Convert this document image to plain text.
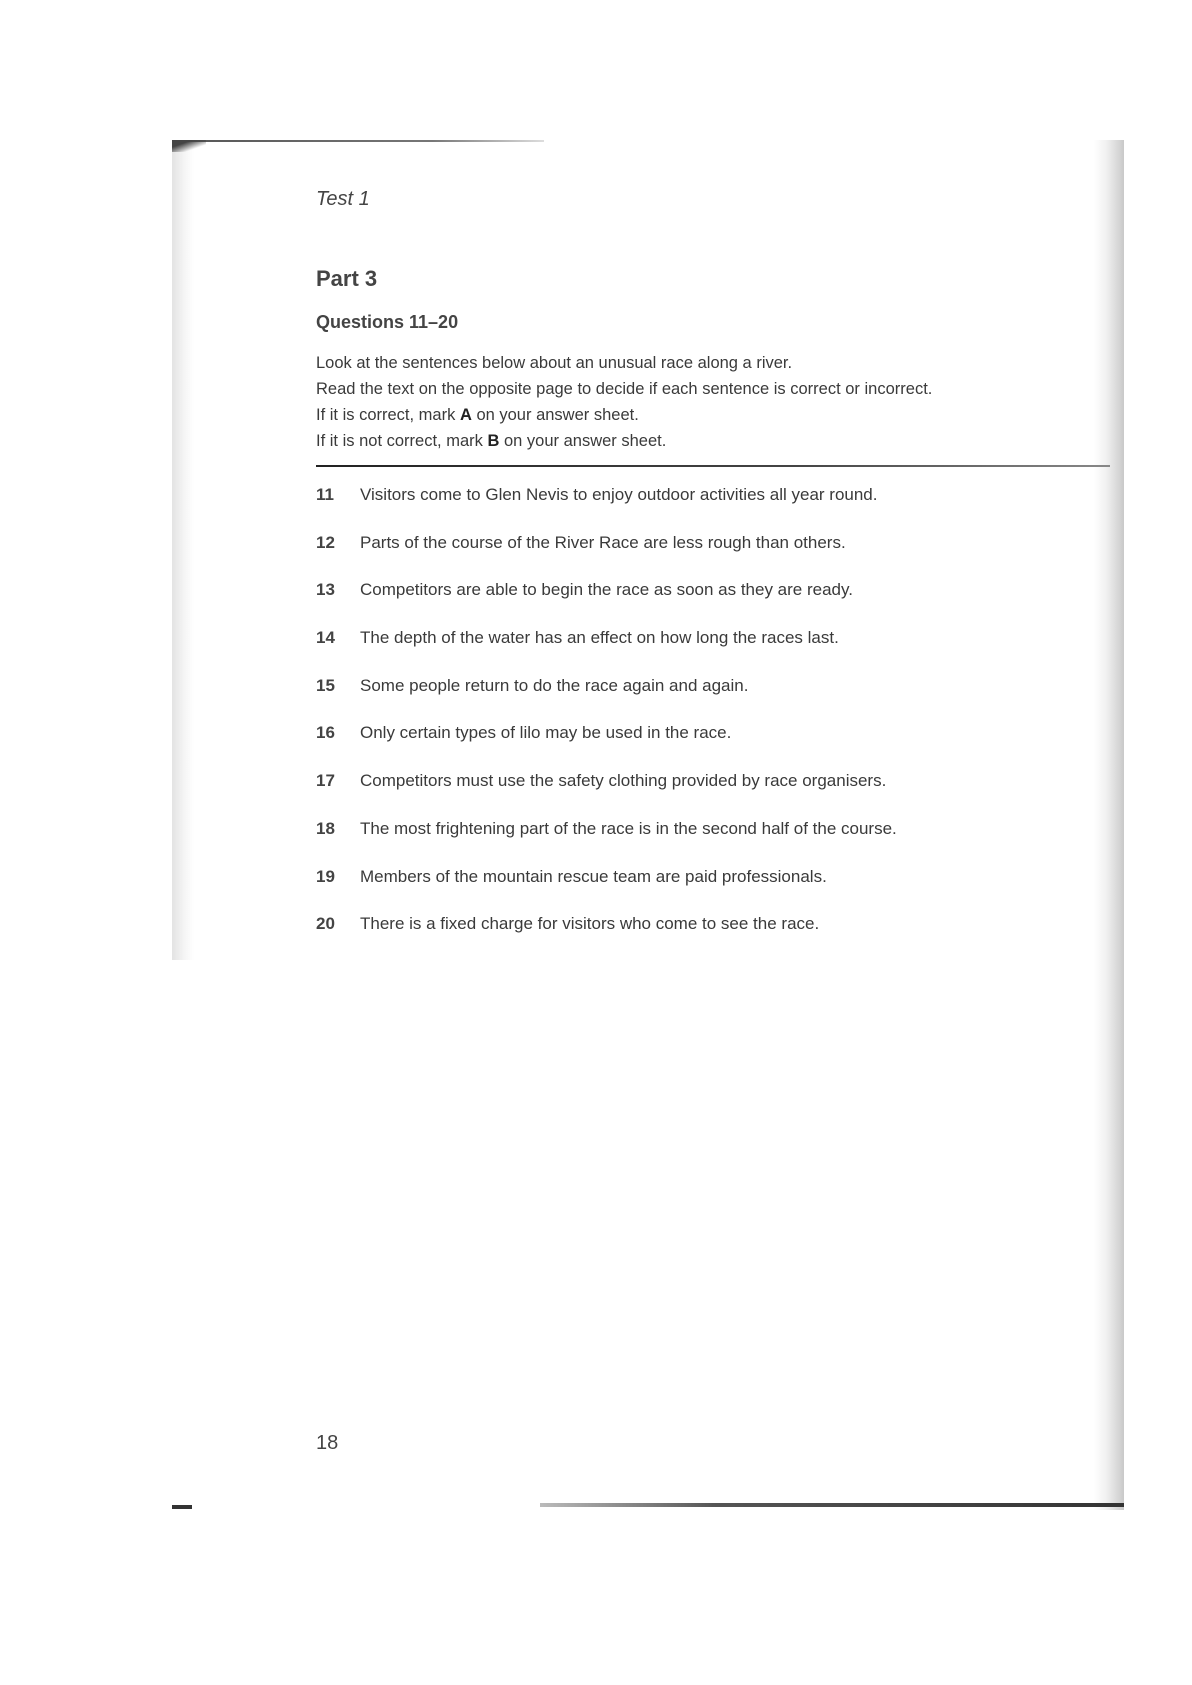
Test 1
Part 3
Questions 11–20
Look at the sentences below about an unusual race along a river.
Read the text on the opposite page to decide if each sentence is correct or incorrect.
If it is correct, mark A on your answer sheet.
If it is not correct, mark B on your answer sheet.
11	Visitors come to Glen Nevis to enjoy outdoor activities all year round.
12	Parts of the course of the River Race are less rough than others.
13	Competitors are able to begin the race as soon as they are ready.
14	The depth of the water has an effect on how long the races last.
15	Some people return to do the race again and again.
16	Only certain types of lilo may be used in the race.
17	Competitors must use the safety clothing provided by race organisers.
18	The most frightening part of the race is in the second half of the course.
19	Members of the mountain rescue team are paid professionals.
20	There is a fixed charge for visitors who come to see the race.
18
